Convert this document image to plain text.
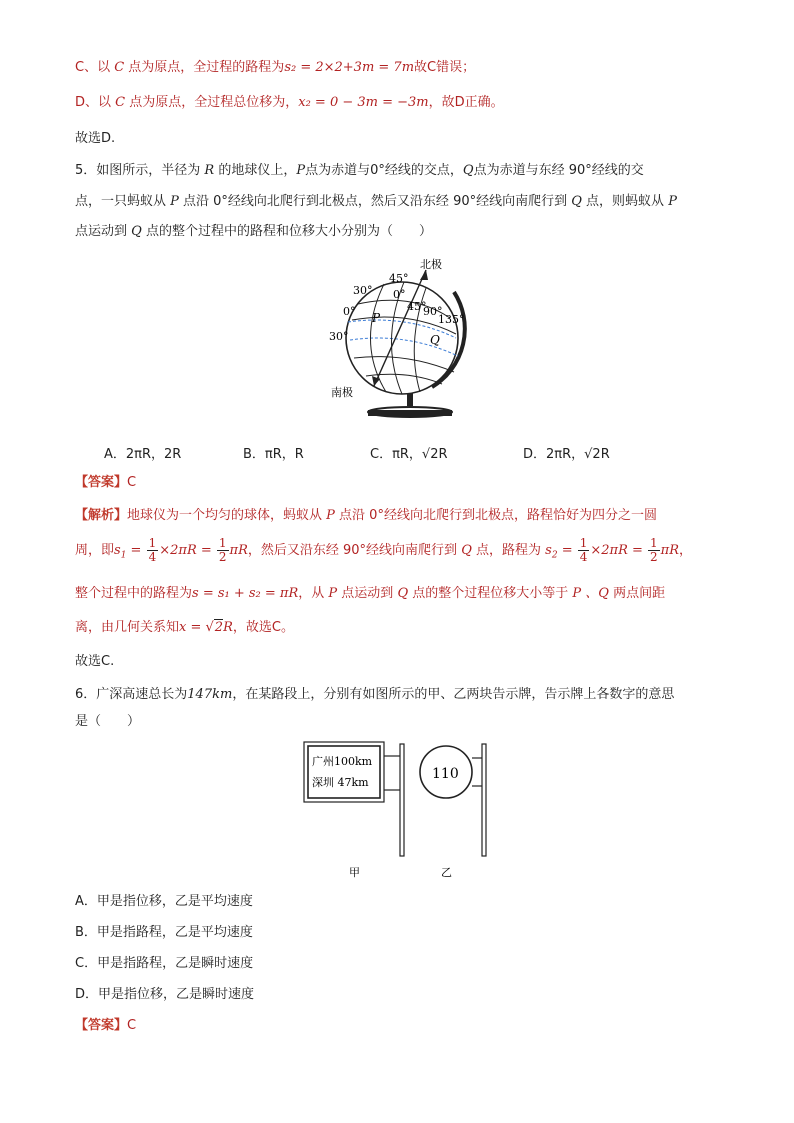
C、以 C 点为原点，全过程的路程为s₂ = 2×2+3m = 7m故C错误；
D、以 C 点为原点，全过程总位移为，x₂ = 0 − 3m = −3m，故D正确。
故选D.
5．如图所示，半径为 R 的地球仪上，P点为赤道与0°经线的交点，Q点为赤道与东经 90°经线的交
点，一只蚂蚁从 P 点沿 0°经线向北爬行到北极点，然后又沿东经 90°经线向南爬行到 Q 点，则蚂蚁从 P
点运动到 Q 点的整个过程中的路程和位移大小分别为（　　）
北极
南极
45°
30° 0°
0°	45°
90°
135°
30°
P
Q
A．2πR，2R	B．πR，R	C．πR，√2R	D．2πR，√2R
【答案】C
【解析】地球仪为一个均匀的球体，蚂蚁从 P 点沿 0°经线向北爬行到北极点，路程恰好为四分之一圆
周，即$s_1 = \frac{1}{4} \times 2\pi R = \frac{1}{2}$ πR，然后又沿东经 90°经线向南爬行到 Q 点，路程为 $s_2 = \frac{1}{4} \times 2\pi R = \frac{1}{2}$ πR，
整个过程中的路程为s = s₁ + s₂ = πR，从 P 点运动到 Q 点的整个过程位移大小等于 P 、Q 两点间距
离，由几何关系知x = √2R，故选C。
故选C.
6．广深高速总长为147km，在某路段上，分别有如图所示的甲、乙两块告示牌，告示牌上各数字的意思
是（　　）
广州100km
深圳 47km
110
甲	乙
A．甲是指位移，乙是平均速度
B．甲是指路程，乙是平均速度
C．甲是指路程，乙是瞬时速度
D．甲是指位移，乙是瞬时速度
【答案】C
